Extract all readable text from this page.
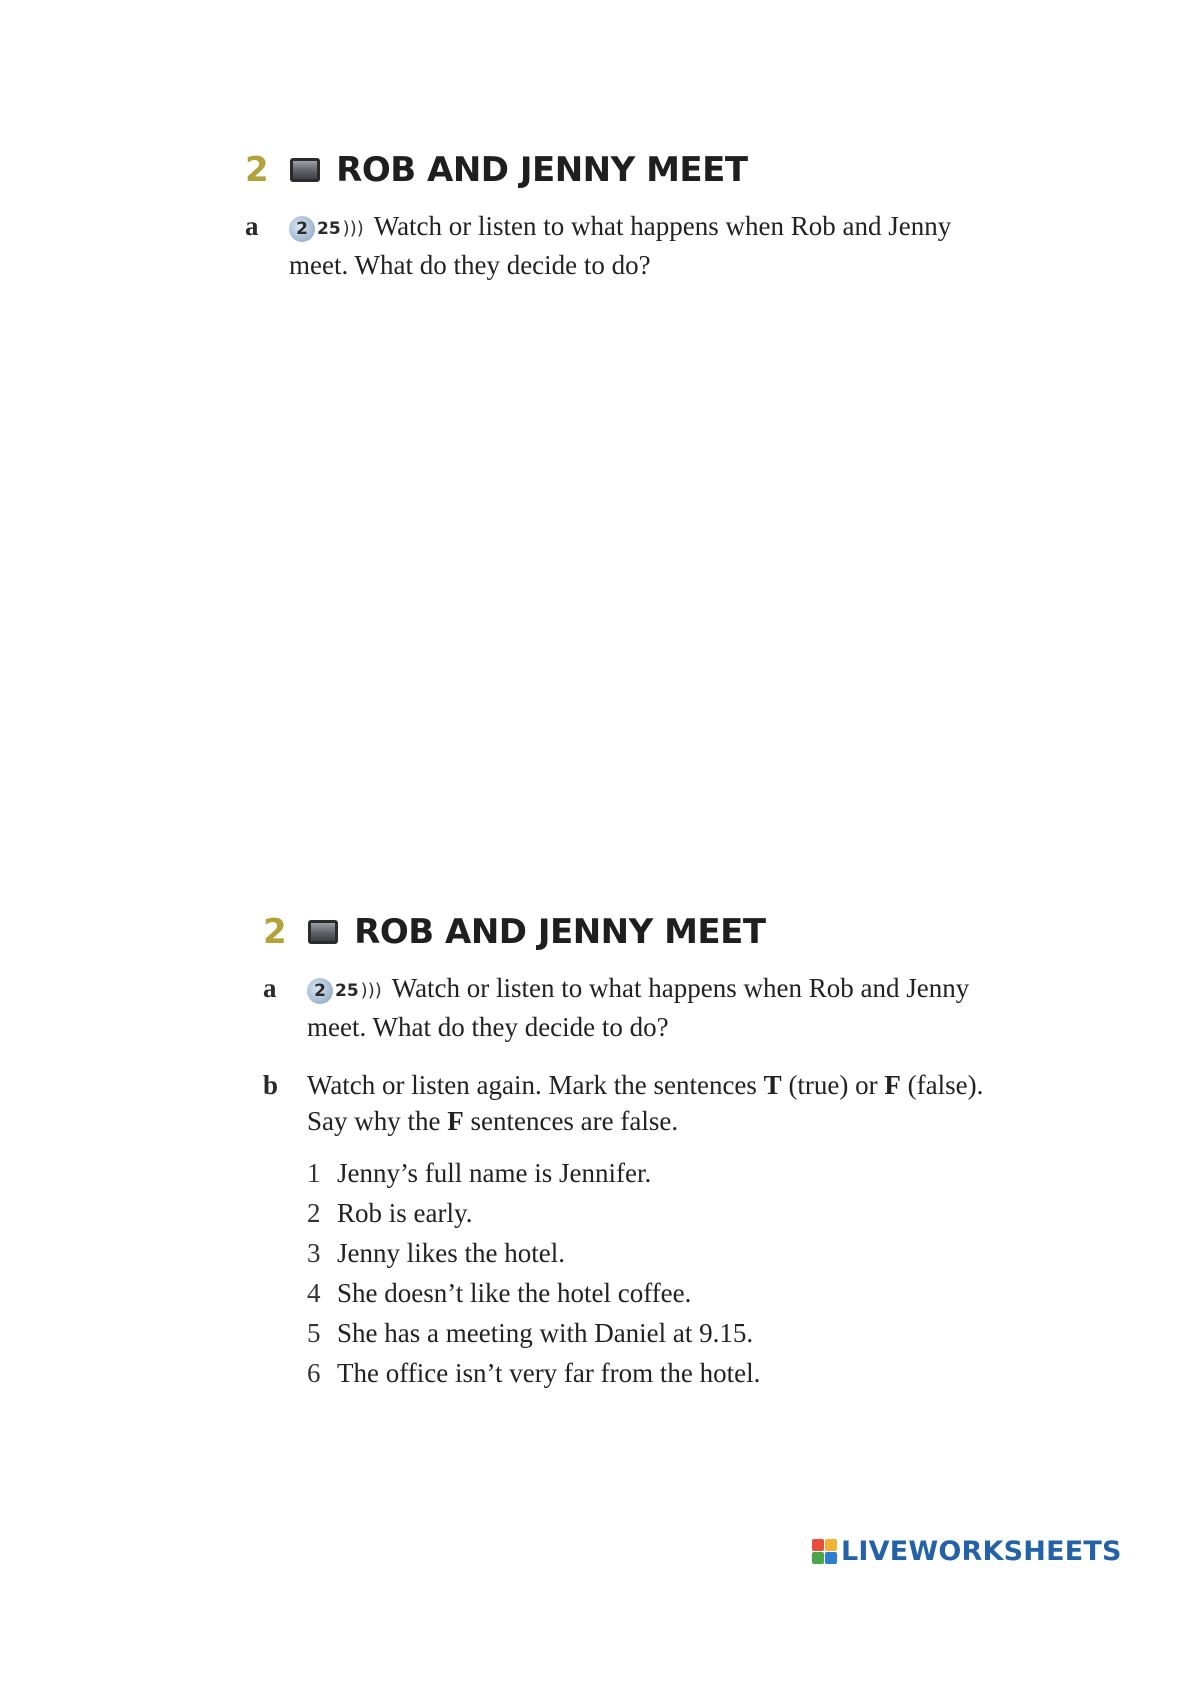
2 ROB AND JENNY MEET
a	2 25 ))) Watch or listen to what happens when Rob and Jenny meet. What do they decide to do?
2 ROB AND JENNY MEET
a	2 25 ))) Watch or listen to what happens when Rob and Jenny meet. What do they decide to do?
b Watch or listen again. Mark the sentences T (true) or F (false). Say why the F sentences are false.
1 Jenny’s full name is Jennifer.
2 Rob is early.
3 Jenny likes the hotel.
4 She doesn’t like the hotel coffee.
5 She has a meeting with Daniel at 9.15.
6 The office isn’t very far from the hotel.
LIVEWORKSHEETS
